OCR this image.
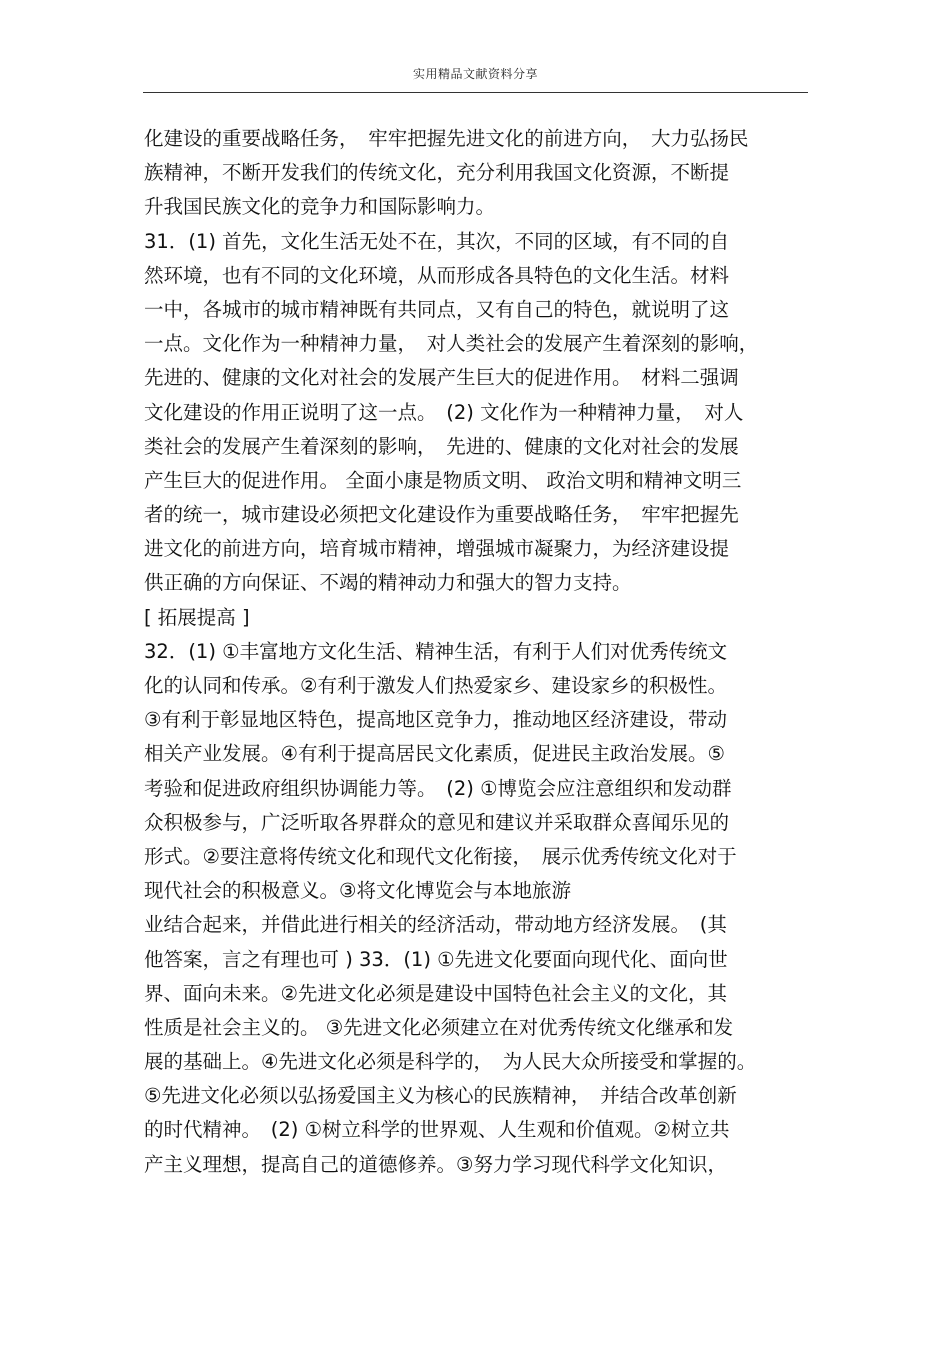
实用精品文献资料分享
化建设的重要战略任务，　牢牢把握先进文化的前进方向，　大力弘扬民
族精神，不断开发我们的传统文化，充分利用我国文化资源，不断提
升我国民族文化的竞争力和国际影响力。
31．(1) 首先，文化生活无处不在，其次，不同的区域，有不同的自
然环境，也有不同的文化环境，从而形成各具特色的文化生活。材料
一中，各城市的城市精神既有共同点，又有自己的特色，就说明了这
一点。文化作为一种精神力量，　对人类社会的发展产生着深刻的影响，
先进的、健康的文化对社会的发展产生巨大的促进作用。　材料二强调
文化建设的作用正说明了这一点。　(2) 文化作为一种精神力量，　对人
类社会的发展产生着深刻的影响，　先进的、健康的文化对社会的发展
产生巨大的促进作用。 全面小康是物质文明、 政治文明和精神文明三
者的统一，城市建设必须把文化建设作为重要战略任务，　牢牢把握先
进文化的前进方向，培育城市精神，增强城市凝聚力，为经济建设提
供正确的方向保证、不竭的精神动力和强大的智力支持。
[ 拓展提高 ]
32．(1) ①丰富地方文化生活、精神生活，有利于人们对优秀传统文
化的认同和传承。②有利于激发人们热爱家乡、建设家乡的积极性。
③有利于彰显地区特色，提高地区竞争力，推动地区经济建设，带动
相关产业发展。④有利于提高居民文化素质，促进民主政治发展。⑤
考验和促进政府组织协调能力等。　(2) ①博览会应注意组织和发动群
众积极参与，广泛听取各界群众的意见和建议并采取群众喜闻乐见的
形式。②要注意将传统文化和现代文化衔接，　展示优秀传统文化对于
现代社会的积极意义。③将文化博览会与本地旅游
业结合起来，并借此进行相关的经济活动，带动地方经济发展。　(其
他答案，言之有理也可 ) 33．(1) ①先进文化要面向现代化、面向世
界、面向未来。②先进文化必须是建设中国特色社会主义的文化，其
性质是社会主义的。 ③先进文化必须建立在对优秀传统文化继承和发
展的基础上。④先进文化必须是科学的，　为人民大众所接受和掌握的。
⑤先进文化必须以弘扬爱国主义为核心的民族精神，　并结合改革创新
的时代精神。　(2) ①树立科学的世界观、人生观和价值观。②树立共
产主义理想，提高自己的道德修养。③努力学习现代科学文化知识，
